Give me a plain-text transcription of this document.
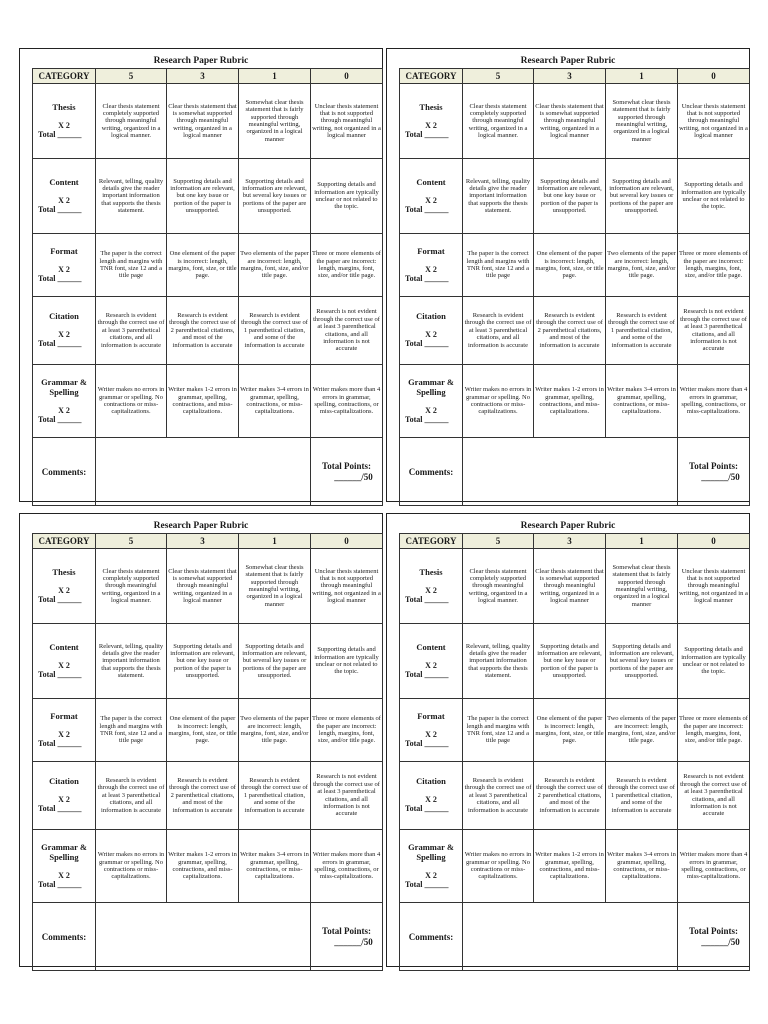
Research Paper Rubric
CATEGORY	5	3	1	0

Thesis
X 2
Total ______	Clear thesis statement completely supported through meaningful writing, organized in a logical manner.	Clear thesis statement that is somewhat supported through meaningful writing, organized in a logical manner	Somewhat clear thesis statement that is fairly supported through meaningful writing, organized in a logical manner	Unclear thesis statement that is not supported through meaningful writing, not organized in a logical manner

Content
X 2
Total ______	Relevant, telling, quality details give the reader important information that supports the thesis statement.	Supporting details and information are relevant, but one key issue or portion of the paper is unsupported.	Supporting details and information are relevant, but several key issues or portions of the paper are unsupported.	Supporting details and information are typically unclear or not related to the topic.

Format
X 2
Total ______	The paper is the correct length and margins with TNR font, size 12 and a title page	One element of the paper is incorrect: length, margins, font, size, or title page.	Two elements of the paper are incorrect: length, margins, font, size, and/or title page.	Three or more elements of the paper are incorrect: length, margins, font, size, and/or title page.

Citation
X 2
Total ______	Research is evident through the correct use of at least 3 parenthetical citations, and all information is accurate	Research is evident through the correct use of 2 parenthetical citations, and most of the information is accurate	Research is evident through the correct use of 1 parenthetical citation, and some of the information is accurate	Research is not evident through the correct use of at least 3 parenthetical citations, and all information is not accurate

Grammar & Spelling
X 2
Total ______	Writer makes no errors in grammar or spelling. No contractions or miss-capitalizations.	Writer makes 1-2 errors in grammar, spelling, contractions, and miss-capitalizations.	Writer makes 3-4 errors in grammar, spelling, contractions, or miss-capitalizations.	Writer makes more than 4 errors in grammar, spelling, contractions, or miss-capitalizations.
Comments:				Total Points:
______/50
Research Paper Rubric
CATEGORY	5	3	1	0

Thesis
X 2
Total ______	Clear thesis statement completely supported through meaningful writing, organized in a logical manner.	Clear thesis statement that is somewhat supported through meaningful writing, organized in a logical manner	Somewhat clear thesis statement that is fairly supported through meaningful writing, organized in a logical manner	Unclear thesis statement that is not supported through meaningful writing, not organized in a logical manner

Content
X 2
Total ______	Relevant, telling, quality details give the reader important information that supports the thesis statement.	Supporting details and information are relevant, but one key issue or portion of the paper is unsupported.	Supporting details and information are relevant, but several key issues or portions of the paper are unsupported.	Supporting details and information are typically unclear or not related to the topic.

Format
X 2
Total ______	The paper is the correct length and margins with TNR font, size 12 and a title page	One element of the paper is incorrect: length, margins, font, size, or title page.	Two elements of the paper are incorrect: length, margins, font, size, and/or title page.	Three or more elements of the paper are incorrect: length, margins, font, size, and/or title page.

Citation
X 2
Total ______	Research is evident through the correct use of at least 3 parenthetical citations, and all information is accurate	Research is evident through the correct use of 2 parenthetical citations, and most of the information is accurate	Research is evident through the correct use of 1 parenthetical citation, and some of the information is accurate	Research is not evident through the correct use of at least 3 parenthetical citations, and all information is not accurate

Grammar & Spelling
X 2
Total ______	Writer makes no errors in grammar or spelling. No contractions or miss-capitalizations.	Writer makes 1-2 errors in grammar, spelling, contractions, and miss-capitalizations.	Writer makes 3-4 errors in grammar, spelling, contractions, or miss-capitalizations.	Writer makes more than 4 errors in grammar, spelling, contractions, or miss-capitalizations.
Comments:				Total Points:
______/50
Research Paper Rubric
CATEGORY	5	3	1	0

Thesis
X 2
Total ______	Clear thesis statement completely supported through meaningful writing, organized in a logical manner.	Clear thesis statement that is somewhat supported through meaningful writing, organized in a logical manner	Somewhat clear thesis statement that is fairly supported through meaningful writing, organized in a logical manner	Unclear thesis statement that is not supported through meaningful writing, not organized in a logical manner

Content
X 2
Total ______	Relevant, telling, quality details give the reader important information that supports the thesis statement.	Supporting details and information are relevant, but one key issue or portion of the paper is unsupported.	Supporting details and information are relevant, but several key issues or portions of the paper are unsupported.	Supporting details and information are typically unclear or not related to the topic.

Format
X 2
Total ______	The paper is the correct length and margins with TNR font, size 12 and a title page	One element of the paper is incorrect: length, margins, font, size, or title page.	Two elements of the paper are incorrect: length, margins, font, size, and/or title page.	Three or more elements of the paper are incorrect: length, margins, font, size, and/or title page.

Citation
X 2
Total ______	Research is evident through the correct use of at least 3 parenthetical citations, and all information is accurate	Research is evident through the correct use of 2 parenthetical citations, and most of the information is accurate	Research is evident through the correct use of 1 parenthetical citation, and some of the information is accurate	Research is not evident through the correct use of at least 3 parenthetical citations, and all information is not accurate

Grammar & Spelling
X 2
Total ______	Writer makes no errors in grammar or spelling. No contractions or miss-capitalizations.	Writer makes 1-2 errors in grammar, spelling, contractions, and miss-capitalizations.	Writer makes 3-4 errors in grammar, spelling, contractions, or miss-capitalizations.	Writer makes more than 4 errors in grammar, spelling, contractions, or miss-capitalizations.
Comments:				Total Points:
______/50
Research Paper Rubric
CATEGORY	5	3	1	0

Thesis
X 2
Total ______	Clear thesis statement completely supported through meaningful writing, organized in a logical manner.	Clear thesis statement that is somewhat supported through meaningful writing, organized in a logical manner	Somewhat clear thesis statement that is fairly supported through meaningful writing, organized in a logical manner	Unclear thesis statement that is not supported through meaningful writing, not organized in a logical manner

Content
X 2
Total ______	Relevant, telling, quality details give the reader important information that supports the thesis statement.	Supporting details and information are relevant, but one key issue or portion of the paper is unsupported.	Supporting details and information are relevant, but several key issues or portions of the paper are unsupported.	Supporting details and information are typically unclear or not related to the topic.

Format
X 2
Total ______	The paper is the correct length and margins with TNR font, size 12 and a title page	One element of the paper is incorrect: length, margins, font, size, or title page.	Two elements of the paper are incorrect: length, margins, font, size, and/or title page.	Three or more elements of the paper are incorrect: length, margins, font, size, and/or title page.

Citation
X 2
Total ______	Research is evident through the correct use of at least 3 parenthetical citations, and all information is accurate	Research is evident through the correct use of 2 parenthetical citations, and most of the information is accurate	Research is evident through the correct use of 1 parenthetical citation, and some of the information is accurate	Research is not evident through the correct use of at least 3 parenthetical citations, and all information is not accurate

Grammar & Spelling
X 2
Total ______	Writer makes no errors in grammar or spelling. No contractions or miss-capitalizations.	Writer makes 1-2 errors in grammar, spelling, contractions, and miss-capitalizations.	Writer makes 3-4 errors in grammar, spelling, contractions, or miss-capitalizations.	Writer makes more than 4 errors in grammar, spelling, contractions, or miss-capitalizations.
Comments:				Total Points:
______/50
